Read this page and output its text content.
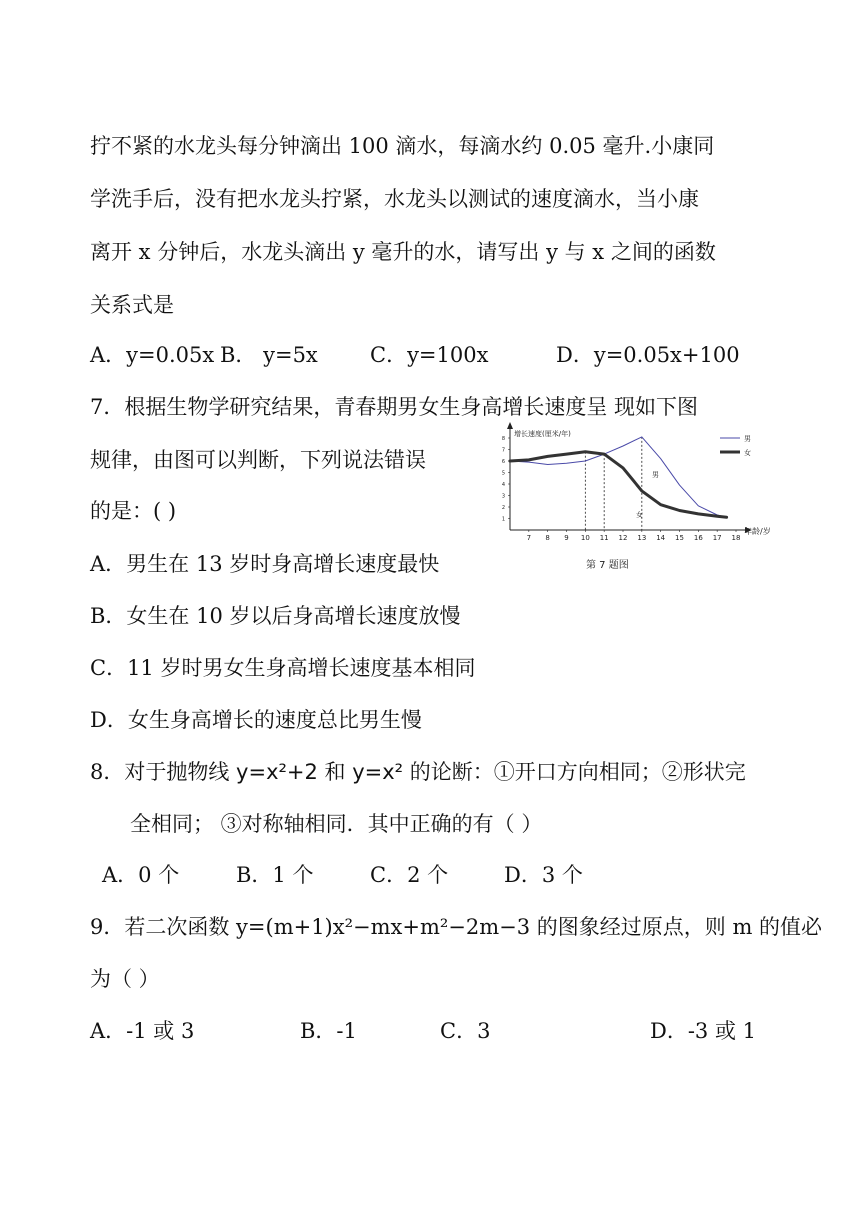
拧不紧的水龙头每分钟滴出 100 滴水，每滴水约 0.05 毫升.小康同
学洗手后，没有把水龙头拧紧，水龙头以测试的速度滴水，当小康
离开 x 分钟后，水龙头滴出 y 毫升的水，请写出 y 与 x 之间的函数
关系式是
A．y=0.05x B． y=5x C．y=100x	D．y=0.05x+100
7．根据生物学研究结果，青春期男女生身高增长速度呈 现如下图
规律，由图可以判断，下列说法错误
的是：( )
A．男生在 13 岁时身高增长速度最快
B．女生在 10 岁以后身高增长速度放慢
C．11 岁时男女生身高增长速度基本相同
D．女生身高增长的速度总比男生慢
7 8 9 10 11 12 13 14 15 16 17 18
1
2
3
4
5
6
7
8
增长速度(厘米/年)
年龄/岁
第 7 题图
男
女
男
女
8．对于抛物线 y=x²+2 和 y=x² 的论断：①开口方向相同；②形状完
全相同； ③对称轴相同．其中正确的有（ ）
A．0 个	B．1 个	C．2 个	D．3 个
9．若二次函数 y=(m+1)x²−mx+m²−2m−3 的图象经过原点，则 m 的值必
为（ ）
A．-1 或 3	B．-1	C．3	D．-3 或 1
